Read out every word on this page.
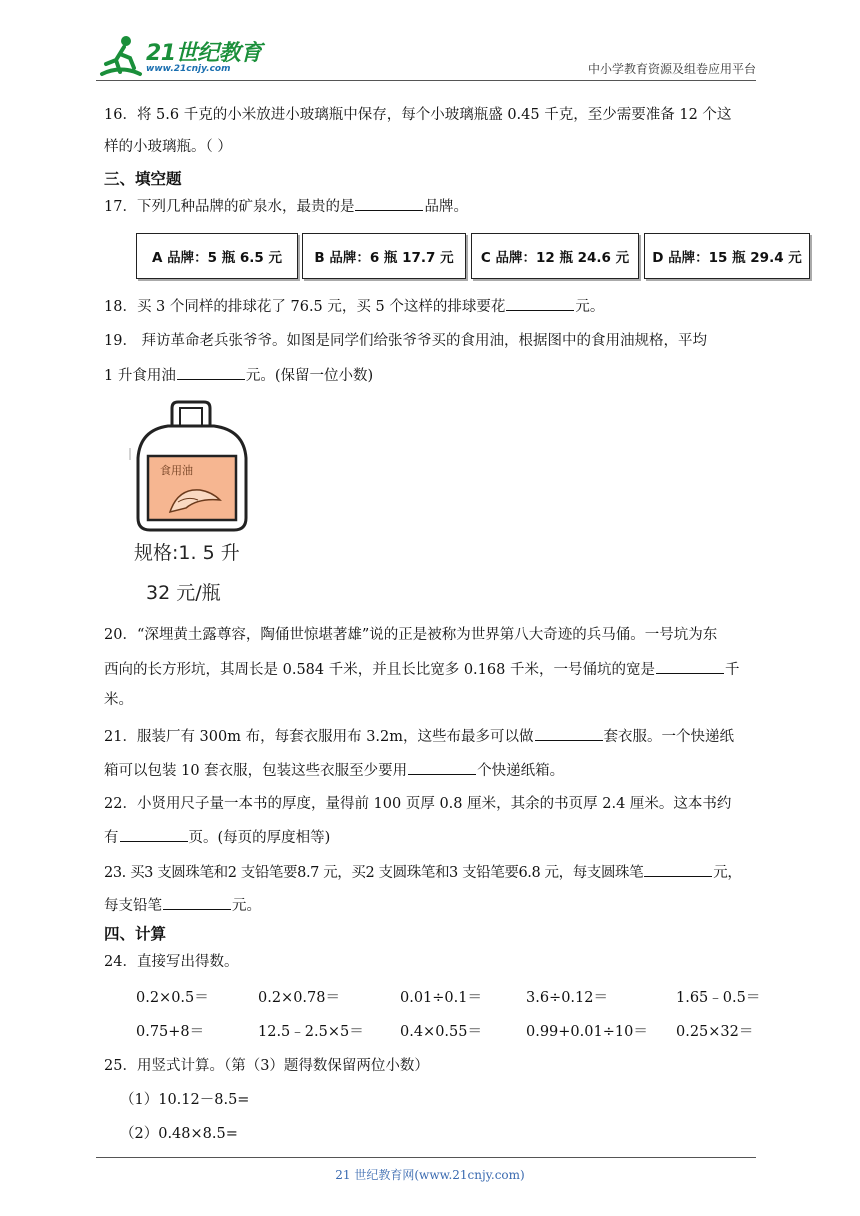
21世纪教育
www.21cnjy.com	中小学教育资源及组卷应用平台
16．将 5.6 千克的小米放进小玻璃瓶中保存，每个小玻璃瓶盛 0.45 千克，至少需要准备 12 个这
样的小玻璃瓶。（ ）
三、填空题
17．下列几种品牌的矿泉水，最贵的是	品牌。
A 品牌：5 瓶 6.5 元	B 品牌：6 瓶 17.7 元	C 品牌：12 瓶 24.6 元	D 品牌：15 瓶 29.4 元
18．买 3 个同样的排球花了 76.5 元，买 5 个这样的排球要花	元。
19． 拜访革命老兵张爷爷。如图是同学们给张爷爷买的食用油，根据图中的食用油规格，平均
1 升食用油	元。(保留一位小数)
食用油
规格:1. 5 升
32 元/瓶
20．“深埋黄土露尊容，陶俑世惊堪著雄”说的正是被称为世界第八大奇迹的兵马俑。一号坑为东
西向的长方形坑，其周长是 0.584 千米，并且长比宽多 0.168 千米，一号俑坑的宽是	千
米。
21．服装厂有 300m 布，每套衣服用布 3.2m，这些布最多可以做	套衣服。一个快递纸
箱可以包装 10 套衣服，包装这些衣服至少要用	个快递纸箱。
22．小贤用尺子量一本书的厚度，量得前 100 页厚 0.8 厘米，其余的书页厚 2.4 厘米。这本书约
有	页。(每页的厚度相等)
23. 买3 支圆珠笔和2 支铅笔要8.7 元，买2 支圆珠笔和3 支铅笔要6.8 元，每支圆珠笔	元，
每支铅笔	元。
四、计算
24．直接写出得数。
0.2×0.5＝	0.2×0.78＝	0.01÷0.1＝	3.6÷0.12＝	1.65﹣0.5＝
0.75+8＝	12.5﹣2.5×5＝	0.4×0.55＝	0.99+0.01÷10＝ 0.25×32＝
25．用竖式计算。（第（3）题得数保留两位小数）
（1）10.12－8.5=
（2）0.48×8.5=
21 世纪教育网(www.21cnjy.com)
